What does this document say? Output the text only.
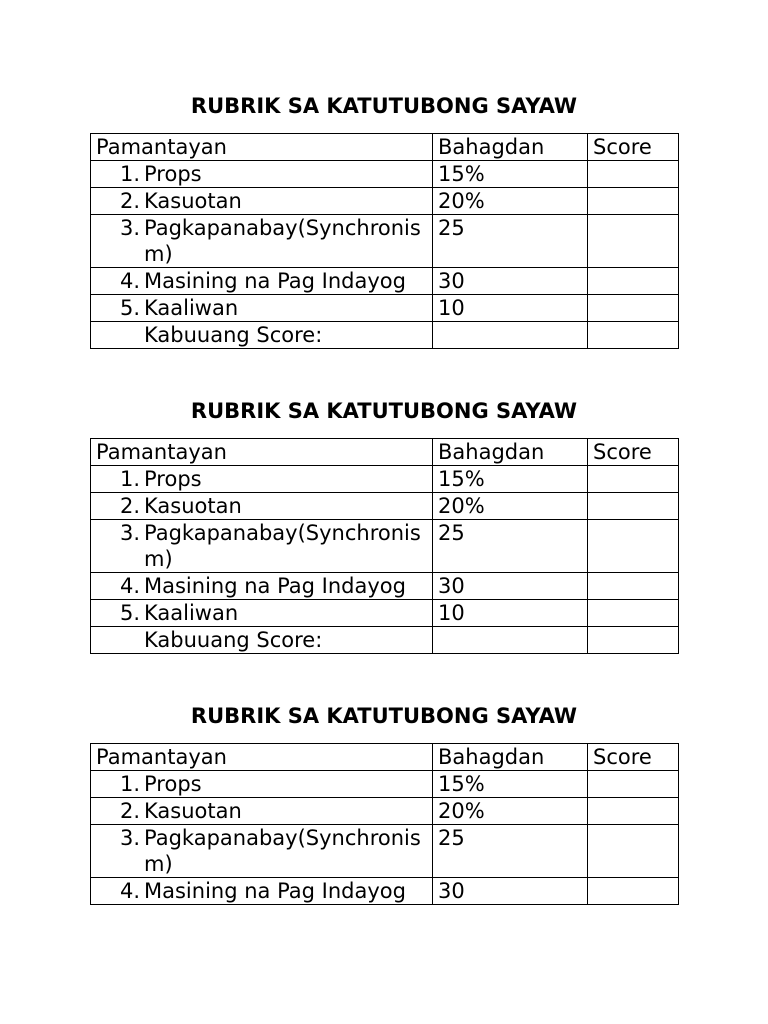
RUBRIK SA KATUTUBONG SAYAW
Pamantayan	Bahagdan	Score

1. Props	15%	

2. Kasuotan	20%	

3. Pagkapanabay(Synchronism)	25	

4. Masining na Pag Indayog	30	

5. Kaaliwan	10	

Kabuuang Score:		

RUBRIK SA KATUTUBONG SAYAW
Pamantayan	Bahagdan	Score

1. Props	15%	

2. Kasuotan	20%	

3. Pagkapanabay(Synchronism)	25	

4. Masining na Pag Indayog	30	

5. Kaaliwan	10	

Kabuuang Score:		

RUBRIK SA KATUTUBONG SAYAW
Pamantayan	Bahagdan	Score

1. Props	15%	

2. Kasuotan	20%	

3. Pagkapanabay(Synchronism)	25	

4. Masining na Pag Indayog	30	
